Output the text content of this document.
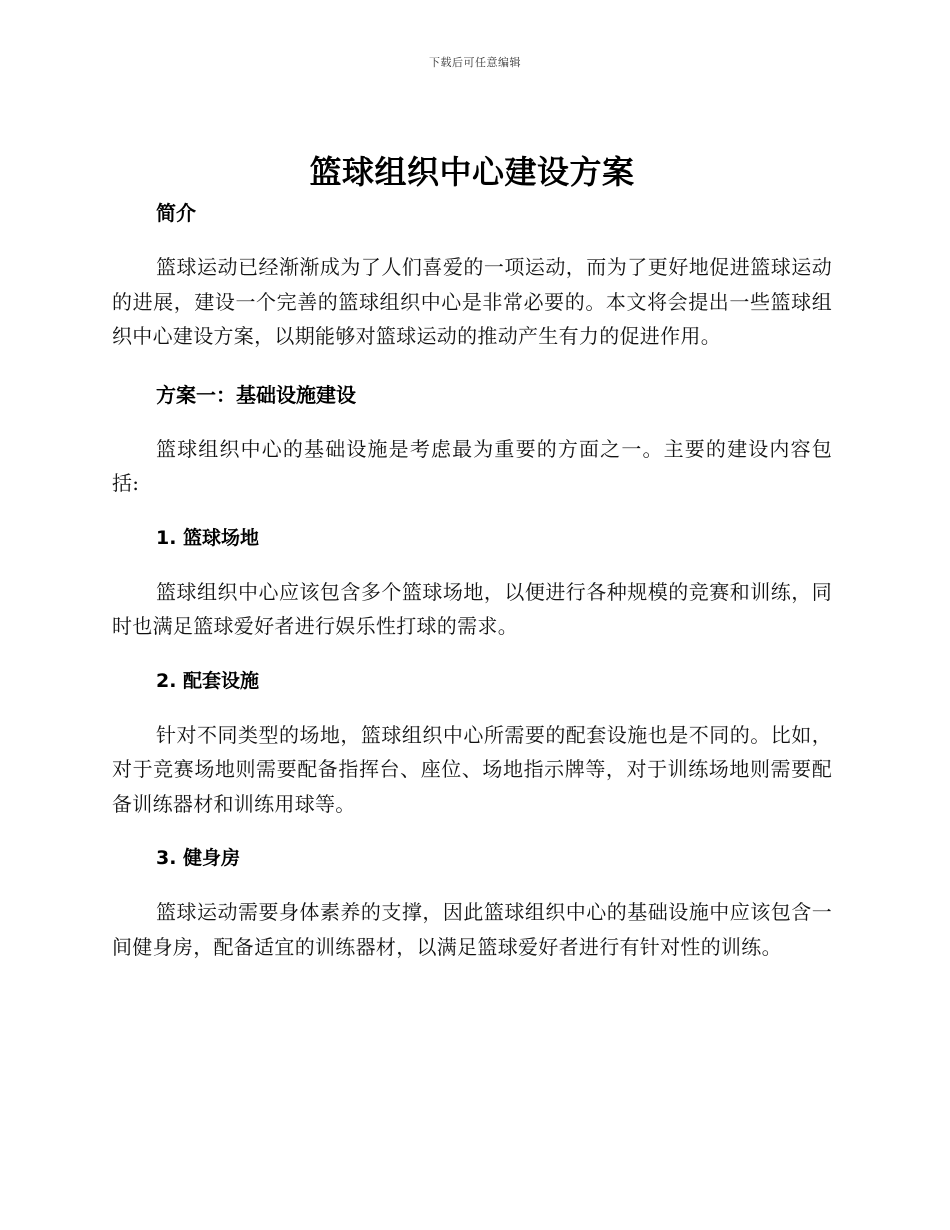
下载后可任意编辑
篮球组织中心建设方案
简介

篮球运动已经渐渐成为了人们喜爱的一项运动，而为了更好地促进篮球运动的进展，建设一个完善的篮球组织中心是非常必要的。本文将会提出一些篮球组织中心建设方案，以期能够对篮球运动的推动产生有力的促进作用。

方案一：基础设施建设

篮球组织中心的基础设施是考虑最为重要的方面之一。主要的建设内容包括:

1. 篮球场地

篮球组织中心应该包含多个篮球场地，以便进行各种规模的竞赛和训练，同时也满足篮球爱好者进行娱乐性打球的需求。

2. 配套设施

针对不同类型的场地，篮球组织中心所需要的配套设施也是不同的。比如，对于竞赛场地则需要配备指挥台、座位、场地指示牌等，对于训练场地则需要配备训练器材和训练用球等。

3. 健身房

篮球运动需要身体素养的支撑，因此篮球组织中心的基础设施中应该包含一间健身房，配备适宜的训练器材，以满足篮球爱好者进行有针对性的训练。
